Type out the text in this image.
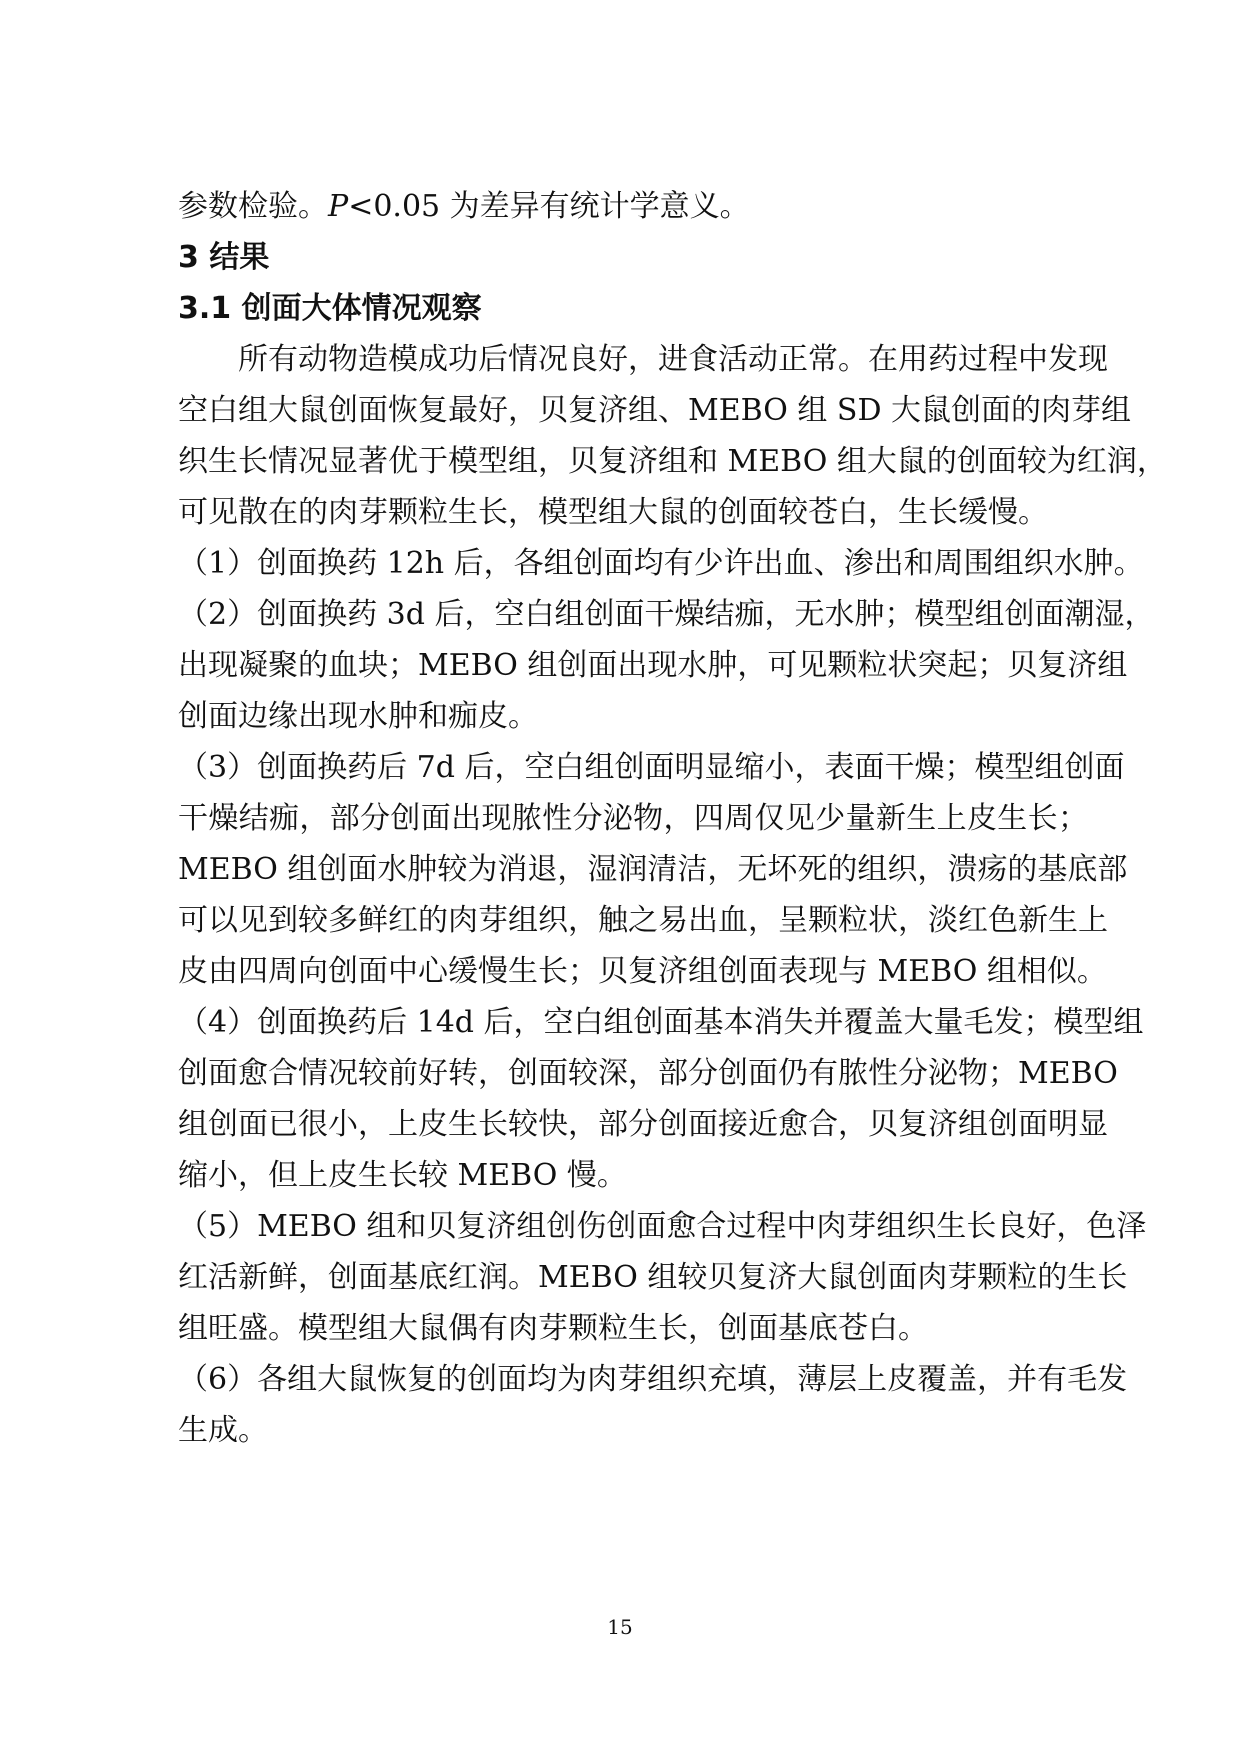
参数检验。P<0.05 为差异有统计学意义。
3 结果
3.1 创面大体情况观察
　　所有动物造模成功后情况良好，进食活动正常。在用药过程中发现
空白组大鼠创面恢复最好，贝复济组、MEBO 组 SD 大鼠创面的肉芽组
织生长情况显著优于模型组，贝复济组和 MEBO 组大鼠的创面较为红润，
可见散在的肉芽颗粒生长，模型组大鼠的创面较苍白，生长缓慢。
（1）创面换药 12h 后，各组创面均有少许出血、渗出和周围组织水肿。
（2）创面换药 3d 后，空白组创面干燥结痂，无水肿；模型组创面潮湿，
出现凝聚的血块；MEBO 组创面出现水肿，可见颗粒状突起；贝复济组
创面边缘出现水肿和痂皮。
（3）创面换药后 7d 后，空白组创面明显缩小，表面干燥；模型组创面
干燥结痂，部分创面出现脓性分泌物，四周仅见少量新生上皮生长；
MEBO 组创面水肿较为消退，湿润清洁，无坏死的组织，溃疡的基底部
可以见到较多鲜红的肉芽组织，触之易出血，呈颗粒状，淡红色新生上
皮由四周向创面中心缓慢生长；贝复济组创面表现与 MEBO 组相似。
（4）创面换药后 14d 后，空白组创面基本消失并覆盖大量毛发；模型组
创面愈合情况较前好转，创面较深，部分创面仍有脓性分泌物；MEBO
组创面已很小，上皮生长较快，部分创面接近愈合，贝复济组创面明显
缩小，但上皮生长较 MEBO 慢。
（5）MEBO 组和贝复济组创伤创面愈合过程中肉芽组织生长良好，色泽
红活新鲜，创面基底红润。MEBO 组较贝复济大鼠创面肉芽颗粒的生长
组旺盛。模型组大鼠偶有肉芽颗粒生长，创面基底苍白。
（6）各组大鼠恢复的创面均为肉芽组织充填，薄层上皮覆盖，并有毛发
生成。
15
